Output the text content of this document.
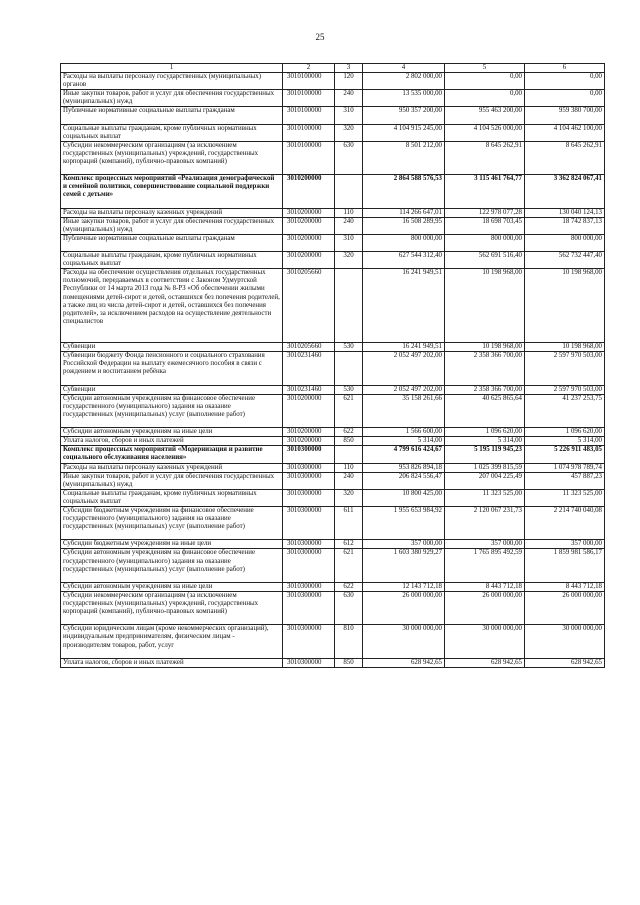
25
1	2	3	4	5	6
Расходы на выплаты персоналу государственных (муниципальных) органов	3010100000	120	2 802 000,00	0,00	0,00
Иные закупки товаров, работ и услуг для обеспечения государственных (муниципальных) нужд	3010100000	240	13 535 000,00	0,00	0,00
Публичные нормативные социальные выплаты гражданам	3010100000	310	950 357 200,00	955 463 200,00	959 380 700,00
Социальные выплаты гражданам, кроме публичных нормативных социальных выплат	3010100000	320	4 104 915 245,00	4 104 526 000,00	4 104 462 100,00
Субсидии некоммерческим организациям (за исключением государственных (муниципальных) учреждений, государственных корпораций (компаний), публично-правовых компаний)	3010100000	630	8 501 212,00	8 645 262,91	8 645 262,91
Комплекс процессных мероприятий «Реализация демографической и семейной политики, совершенствование социальной поддержки семей с детьми»	3010200000		2 864 588 576,53	3 115 461 764,77	3 362 824 067,41
Расходы на выплаты персоналу казенных учреждений	3010200000	110	114 266 647,01	122 978 077,28	130 040 124,13
Иные закупки товаров, работ и услуг для обеспечения государственных (муниципальных) нужд	3010200000	240	16 508 289,95	18 698 703,45	18 742 837,13
Публичные нормативные социальные выплаты гражданам	3010200000	310	800 000,00	800 000,00	800 000,00
Социальные выплаты гражданам, кроме публичных нормативных социальных выплат	3010200000	320	627 544 312,40	562 691 516,40	562 732 447,40
Расходы на обеспечение осуществления отдельных государственных полномочий, передаваемых в соответствии с Законом Удмуртской Республики от 14 марта 2013 года № 8-РЗ «Об обеспечении жилыми помещениями детей-сирот и детей, оставшихся без попечения родителей, а также лиц из числа детей-сирот и детей, оставшихся без попечения родителей», за исключением расходов на осуществление деятельности специалистов	3010205660		16 241 949,51	10 198 968,00	10 198 968,00
Субвенции	3010205660	530	16 241 949,51	10 198 968,00	10 198 968,00
Субвенции бюджету Фонда пенсионного и социального страхования Российской Федерации на выплату ежемесячного пособия в связи с рождением и воспитанием ребёнка	3010231460		2 052 497 202,00	2 358 366 700,00	2 597 970 503,00
Субвенции	3010231460	530	2 052 497 202,00	2 358 366 700,00	2 597 970 503,00
Субсидии автономным учреждениям на финансовое обеспечение государственного (муниципального) задания на оказание государственных (муниципальных) услуг (выполнение работ)	3010200000	621	35 158 261,66	40 625 865,64	41 237 253,75
Субсидии автономным учреждениям на иные цели	3010200000	622	1 566 600,00	1 096 620,00	1 096 620,00
Уплата налогов, сборов и иных платежей	3010200000	850	5 314,00	5 314,00	5 314,00
Комплекс процессных мероприятий «Модернизация и развитие социального обслуживания населения»	3010300000		4 799 616 424,67	5 195 119 945,23	5 226 911 483,05
Расходы на выплаты персоналу казенных учреждений	3010300000	110	953 826 894,18	1 025 399 815,59	1 074 978 789,74
Иные закупки товаров, работ и услуг для обеспечения государственных (муниципальных) нужд	3010300000	240	206 824 556,47	207 004 225,49	457 887,23
Социальные выплаты гражданам, кроме публичных нормативных социальных выплат	3010300000	320	10 800 425,00	11 323 525,00	11 323 525,00
Субсидии бюджетным учреждениям на финансовое обеспечение государственного (муниципального) задания на оказание государственных (муниципальных) услуг (выполнение работ)	3010300000	611	1 955 653 984,92	2 120 067 231,73	2 214 740 040,08
Субсидии бюджетным учреждениям на иные цели	3010300000	612	357 000,00	357 000,00	357 000,00
Субсидии автономным учреждениям на финансовое обеспечение государственного (муниципального) задания на оказание государственных (муниципальных) услуг (выполнение работ)	3010300000	621	1 603 380 929,27	1 765 895 492,59	1 859 981 586,17
Субсидии автономным учреждениям на иные цели	3010300000	622	12 143 712,18	8 443 712,18	8 443 712,18
Субсидии некоммерческим организациям (за исключением государственных (муниципальных) учреждений, государственных корпораций (компаний), публично-правовых компаний)	3010300000	630	26 000 000,00	26 000 000,00	26 000 000,00
Субсидии юридическим лицам (кроме некоммерческих организаций), индивидуальным предпринимателям, физическим лицам - производителям товаров, работ, услуг	3010300000	810	30 000 000,00	30 000 000,00	30 000 000,00
Уплата налогов, сборов и иных платежей	3010300000	850	628 942,65	628 942,65	628 942,65
